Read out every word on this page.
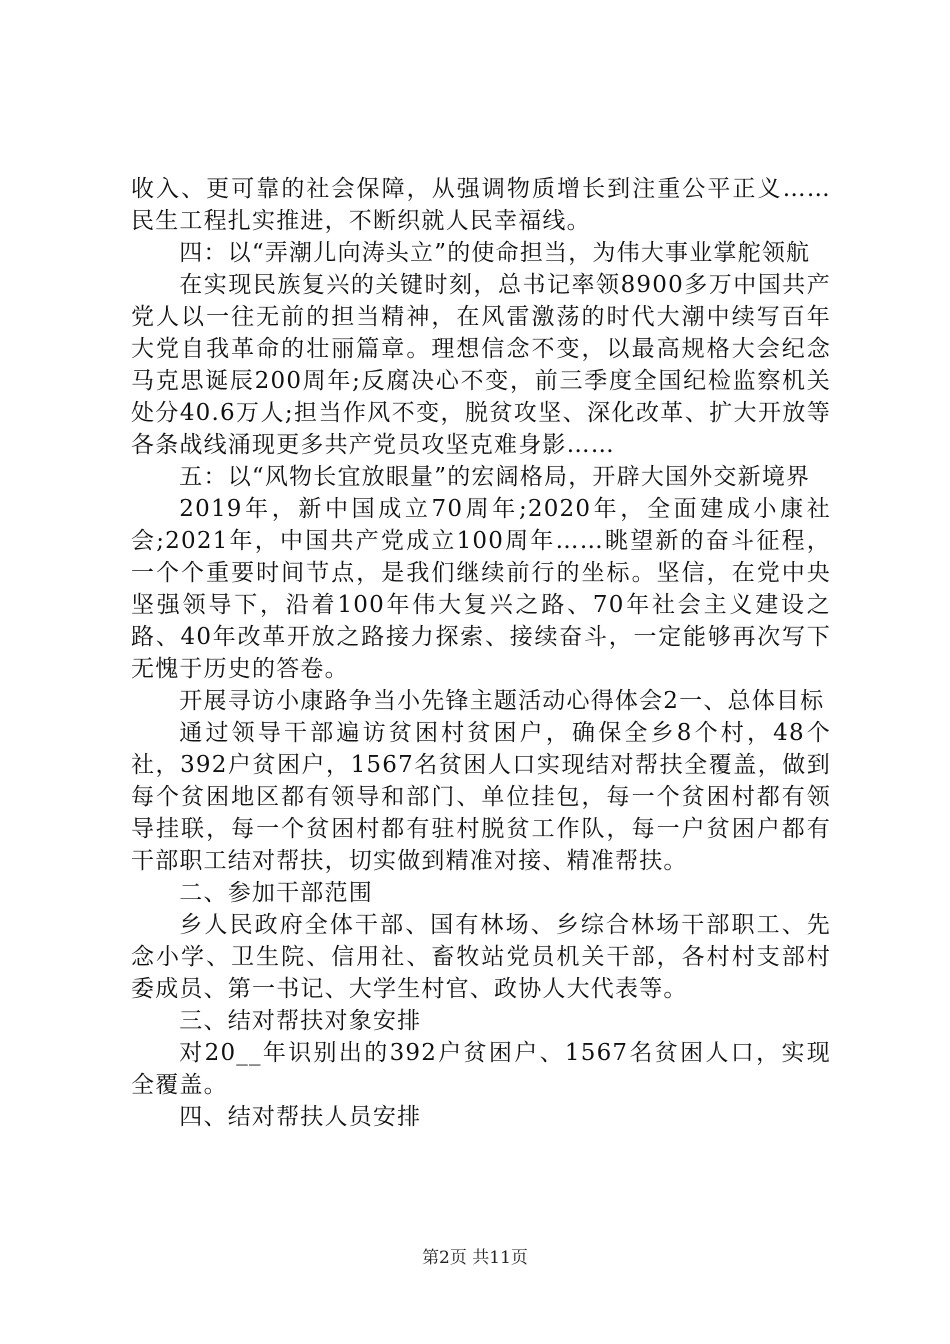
收入、更可靠的社会保障，从强调物质增长到注重公平正义……民生工程扎实推进，不断织就人民幸福线。

四：以“弄潮儿向涛头立”的使命担当，为伟大事业掌舵领航

在实现民族复兴的关键时刻，总书记率领8900多万中国共产党人以一往无前的担当精神，在风雷激荡的时代大潮中续写百年大党自我革命的壮丽篇章。理想信念不变，以最高规格大会纪念马克思诞辰200周年;反腐决心不变，前三季度全国纪检监察机关处分40.6万人;担当作风不变，脱贫攻坚、深化改革、扩大开放等各条战线涌现更多共产党员攻坚克难身影……

五：以“风物长宜放眼量”的宏阔格局，开辟大国外交新境界

2019年，新中国成立70周年;2020年，全面建成小康社会;2021年，中国共产党成立100周年……眺望新的奋斗征程，一个个重要时间节点，是我们继续前行的坐标。坚信，在党中央坚强领导下，沿着100年伟大复兴之路、70年社会主义建设之路、40年改革开放之路接力探索、接续奋斗，一定能够再次写下无愧于历史的答卷。

开展寻访小康路争当小先锋主题活动心得体会2一、总体目标

通过领导干部遍访贫困村贫困户，确保全乡8个村，48个社，392户贫困户，1567名贫困人口实现结对帮扶全覆盖，做到每个贫困地区都有领导和部门、单位挂包，每一个贫困村都有领导挂联，每一个贫困村都有驻村脱贫工作队，每一户贫困户都有干部职工结对帮扶，切实做到精准对接、精准帮扶。

二、参加干部范围

乡人民政府全体干部、国有林场、乡综合林场干部职工、先念小学、卫生院、信用社、畜牧站党员机关干部，各村村支部村委成员、第一书记、大学生村官、政协人大代表等。

三、结对帮扶对象安排

对20__年识别出的392户贫困户、1567名贫困人口，实现全覆盖。

四、结对帮扶人员安排

第2页 共11页
